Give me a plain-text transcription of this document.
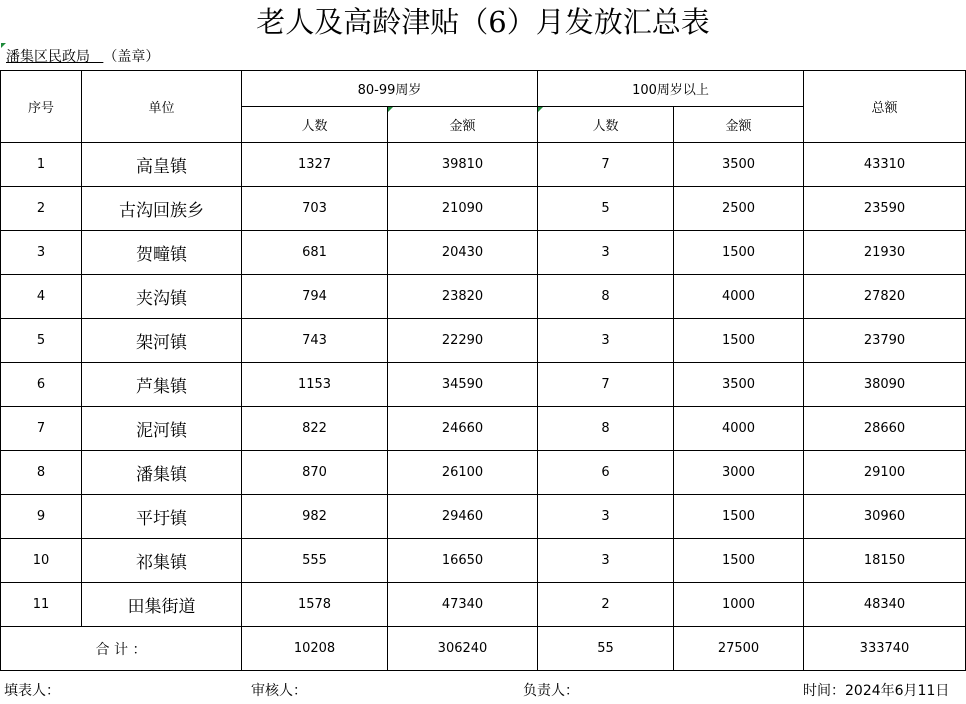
老人及高龄津贴（6）月发放汇总表
潘集区民政局 （盖章）
序号	单位	80-99周岁		100周岁以上		总额
		人数	金额	人数	金额	
1	高皇镇	1327	39810	7	3500	43310
2	古沟回族乡	703	21090	5	2500	23590
3	贺疃镇	681	20430	3	1500	21930
4	夹沟镇	794	23820	8	4000	27820
5	架河镇	743	22290	3	1500	23790
6	芦集镇	1153	34590	7	3500	38090
7	泥河镇	822	24660	8	4000	28660
8	潘集镇	870	26100	6	3000	29100
9	平圩镇	982	29460	3	1500	30960
10	祁集镇	555	16650	3	1500	18150
11	田集街道	1578	47340	2	1000	48340
合 计 ：		10208	306240	55	27500	333740
填表人：	审核人：	负责人：	时间：2024年6月11日
